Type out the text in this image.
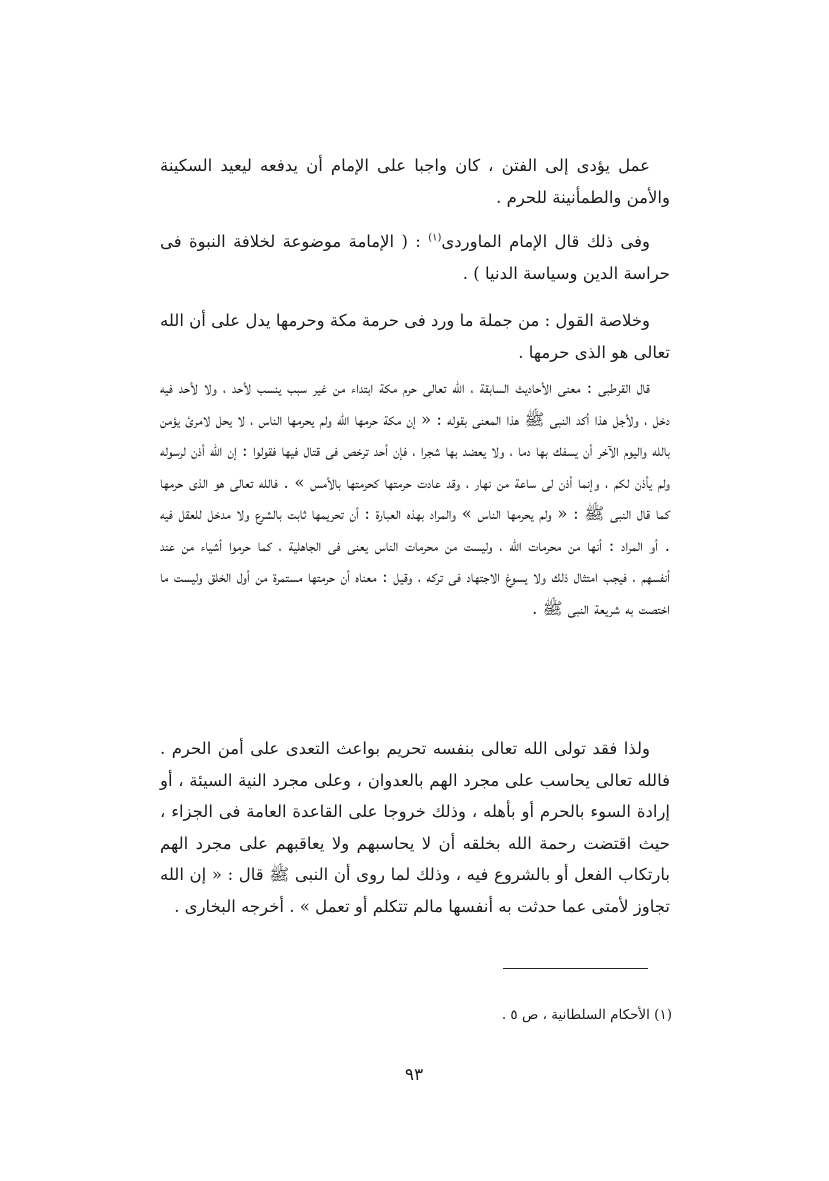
عمل يؤدى إلى الفتن ، كان واجبا على الإمام أن يدفعه ليعيد السكينة والأمن والطمأنينة للحرم .

وفى ذلك قال الإمام الماوردى$^{(١)}$ : ( الإمامة موضوعة لخلافة النبوة فى حراسة الدين وسياسة الدنيا ) .

وخلاصة القول : من جملة ما ورد فى حرمة مكة وحرمها يدل على أن الله تعالى هو الذى حرمها .

قال القرطبى : معنى الأحاديث السابقة ، الله تعالى حرم مكة ابتداء من غير سبب ينسب لأحد ، ولا لأحد فيه دخل ، ولأجل هذا أكد النبى ﷺ هذا المعنى بقوله : « إن مكة حرمها الله ولم يحرمها الناس ، لا يحل لامرئ يؤمن بالله واليوم الآخر أن يسفك بها دما ، ولا يعضد بها شجرا ، فإن أحد ترخص فى قتال فيها فقولوا : إن الله أذن لرسوله ولم يأذن لكم ، وإنما أذن لى ساعة من نهار ، وقد عادت حرمتها كحرمتها بالأمس » . فالله تعالى هو الذى حرمها كما قال النبى ﷺ : « ولم يحرمها الناس » والمراد بهذه العبارة : أن تحريمها ثابت بالشرع ولا مدخل للعقل فيه . أو المراد : أنها من محرمات الله ، وليست من محرمات الناس يعنى فى الجاهلية ، كما حرموا أشياء من عند أنفسهم ، فيجب امتثال ذلك ولا يسوغ الاجتهاد فى تركه ، وقيل : معناه أن حرمتها مستمرة من أول الخلق وليست ما اختصت به شريعة النبى ﷺ .

ولذا فقد تولى الله تعالى بنفسه تحريم بواعث التعدى على أمن الحرم . فالله تعالى يحاسب على مجرد الهم بالعدوان ، وعلى مجرد النية السيئة ، أو إرادة السوء بالحرم أو بأهله ، وذلك خروجا على القاعدة العامة فى الجزاء ، حيث اقتضت رحمة الله بخلقه أن لا يحاسبهم ولا يعاقبهم على مجرد الهم بارتكاب الفعل أو بالشروع فيه ، وذلك لما روى أن النبى ﷺ قال : « إن الله تجاوز لأمتى عما حدثت به أنفسها مالم تتكلم أو تعمل » . أخرجه البخارى .

(١) الأحكام السلطانية ، ص ٥ .
٩٣
